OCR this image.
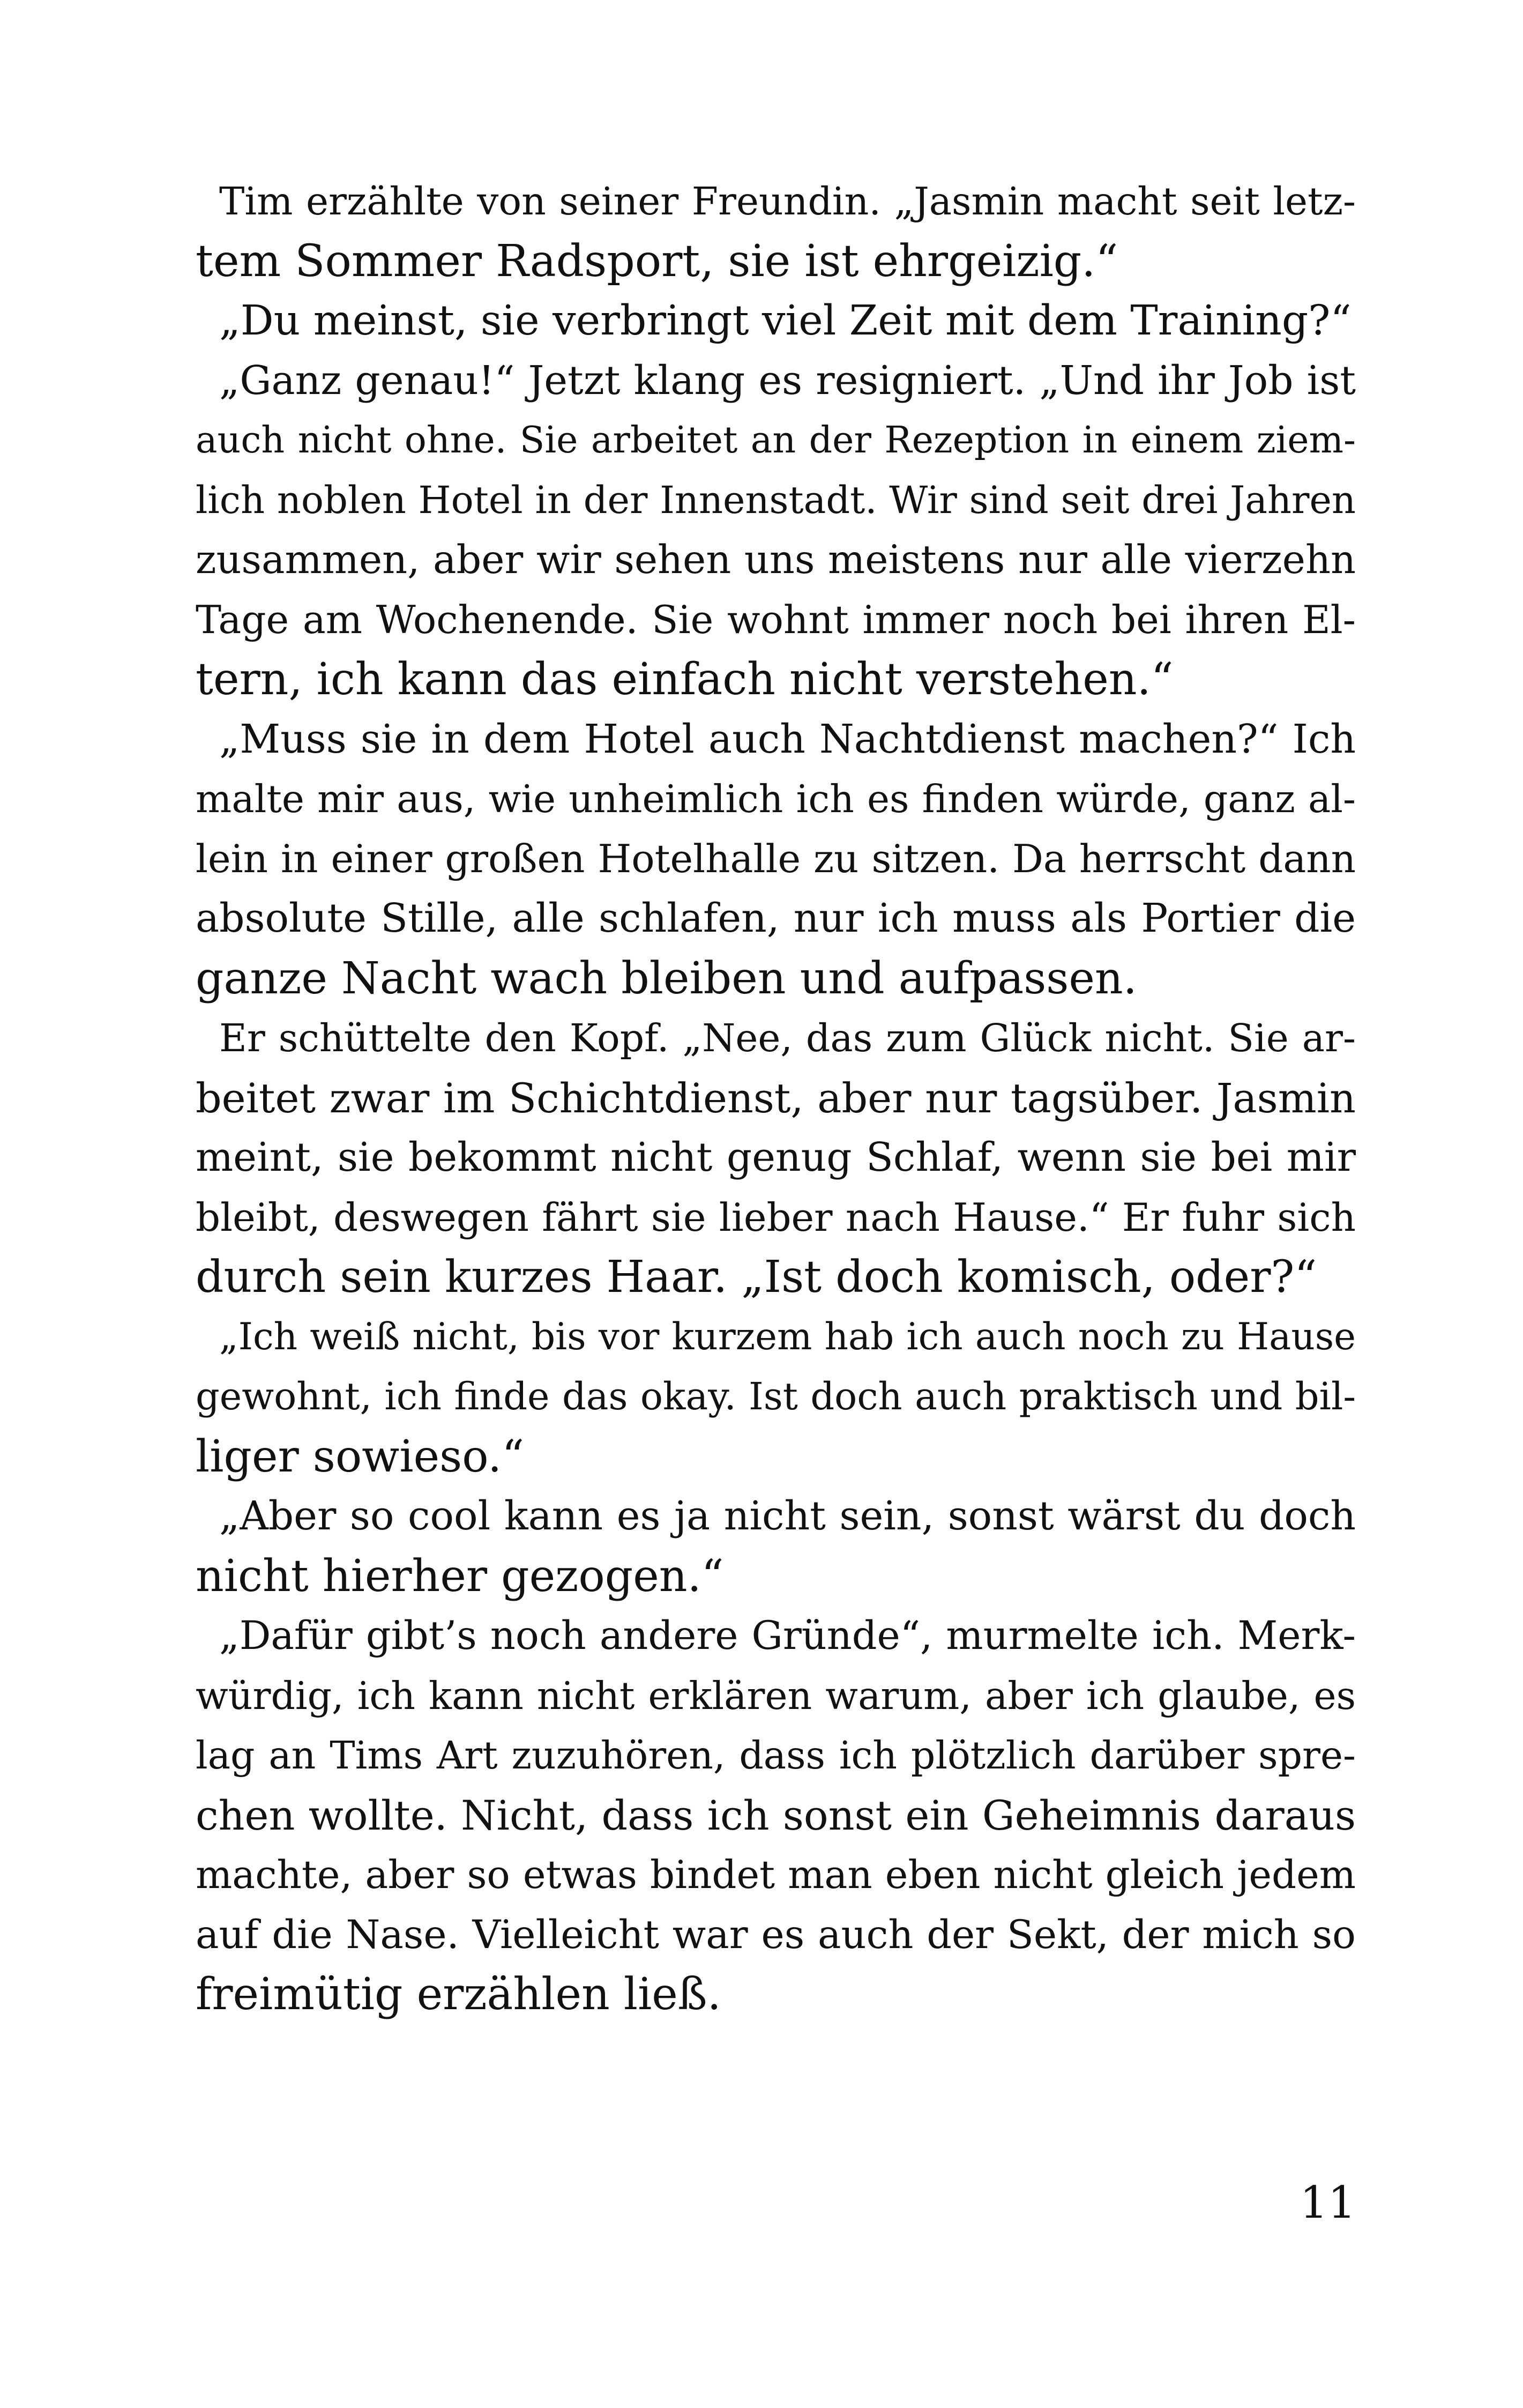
Tim erzählte von seiner Freundin. „Jasmin macht seit letz-
tem Sommer Radsport, sie ist ehrgeizig.“
„Du meinst, sie verbringt viel Zeit mit dem Training?“
„Ganz genau!“ Jetzt klang es resigniert. „Und ihr Job ist
auch nicht ohne. Sie arbeitet an der Rezeption in einem ziem-
lich noblen Hotel in der Innenstadt. Wir sind seit drei Jahren
zusammen, aber wir sehen uns meistens nur alle vierzehn
Tage am Wochenende. Sie wohnt immer noch bei ihren El-
tern, ich kann das einfach nicht verstehen.“
„Muss sie in dem Hotel auch Nachtdienst machen?“ Ich
malte mir aus, wie unheimlich ich es finden würde, ganz al-
lein in einer großen Hotelhalle zu sitzen. Da herrscht dann
absolute Stille, alle schlafen, nur ich muss als Portier die
ganze Nacht wach bleiben und aufpassen.
Er schüttelte den Kopf. „Nee, das zum Glück nicht. Sie ar-
beitet zwar im Schichtdienst, aber nur tagsüber. Jasmin
meint, sie bekommt nicht genug Schlaf, wenn sie bei mir
bleibt, deswegen fährt sie lieber nach Hause.“ Er fuhr sich
durch sein kurzes Haar. „Ist doch komisch, oder?“
„Ich weiß nicht, bis vor kurzem hab ich auch noch zu Hause
gewohnt, ich finde das okay. Ist doch auch praktisch und bil-
liger sowieso.“
„Aber so cool kann es ja nicht sein, sonst wärst du doch
nicht hierher gezogen.“
„Dafür gibt’s noch andere Gründe“, murmelte ich. Merk-
würdig, ich kann nicht erklären warum, aber ich glaube, es
lag an Tims Art zuzuhören, dass ich plötzlich darüber spre-
chen wollte. Nicht, dass ich sonst ein Geheimnis daraus
machte, aber so etwas bindet man eben nicht gleich jedem
auf die Nase. Vielleicht war es auch der Sekt, der mich so
freimütig erzählen ließ.
11
